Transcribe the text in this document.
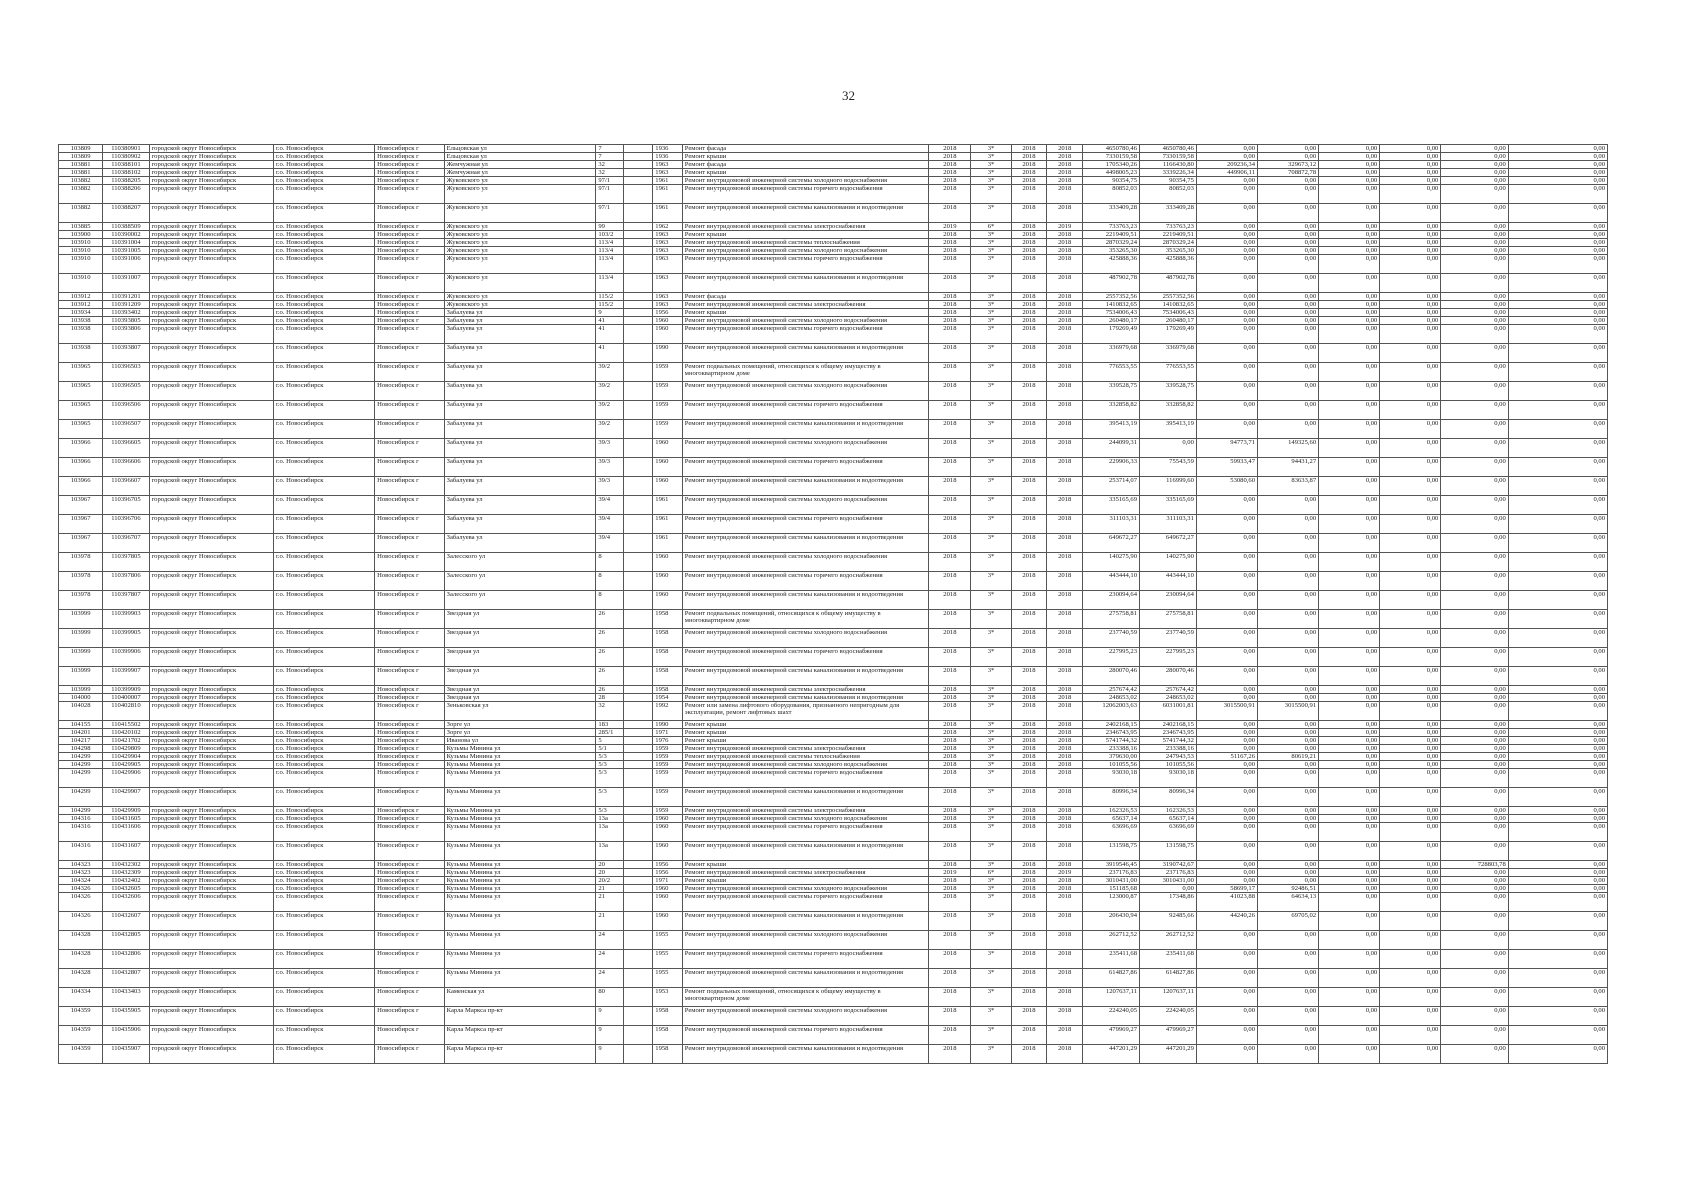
32
103809	110380901	городской округ Новосибирск	г.о. Новосибирск	Новосибирск г	Ельцовская ул	7		1936	Ремонт фасада	2018	3*	2018	2018	4650780,46	4650780,46	0,00	0,00	0,00	0,00	0,00	0,00
103809	110380902	городской округ Новосибирск	г.о. Новосибирск	Новосибирск г	Ельцовская ул	7		1936	Ремонт крыши	2018	3*	2018	2018	7330159,58	7330159,58	0,00	0,00	0,00	0,00	0,00	0,00
103881	110388101	городской округ Новосибирск	г.о. Новосибирск	Новосибирск г	Жемчужная ул	32		1963	Ремонт фасада	2018	3*	2018	2018	1705340,26	1166430,80	209236,34	329673,12	0,00	0,00	0,00	0,00
103881	110388102	городской округ Новосибирск	г.о. Новосибирск	Новосибирск г	Жемчужная ул	32		1963	Ремонт крыши	2018	3*	2018	2018	4498005,23	3339226,34	449906,11	708872,78	0,00	0,00	0,00	0,00
103882	110388205	городской округ Новосибирск	г.о. Новосибирск	Новосибирск г	Жуковского ул	97/1		1961	Ремонт внутридомовой инженерной системы холодного водоснабжения	2018	3*	2018	2018	90354,75	90354,75	0,00	0,00	0,00	0,00	0,00	0,00
103882	110388206	городской округ Новосибирск	г.о. Новосибирск	Новосибирск г	Жуковского ул	97/1		1961	Ремонт внутридомовой инженерной системы горячего водоснабжения	2018	3*	2018	2018	80852,03	80852,03	0,00	0,00	0,00	0,00	0,00	0,00
103882	110388207	городской округ Новосибирск	г.о. Новосибирск	Новосибирск г	Жуковского ул	97/1		1961	Ремонт внутридомовой инженерной системы канализования и водоотведения	2018	3*	2018	2018	333409,28	333409,28	0,00	0,00	0,00	0,00	0,00	0,00
103885	110388509	городской округ Новосибирск	г.о. Новосибирск	Новосибирск г	Жуковского ул	99		1962	Ремонт внутридомовой инженерной системы электроснабжения	2019	6*	2018	2019	733763,23	733763,23	0,00	0,00	0,00	0,00	0,00	0,00
103900	110390002	городской округ Новосибирск	г.о. Новосибирск	Новосибирск г	Жуковского ул	103/2		1963	Ремонт крыши	2018	3*	2018	2018	2219409,51	2219409,51	0,00	0,00	0,00	0,00	0,00	0,00
103910	110391004	городской округ Новосибирск	г.о. Новосибирск	Новосибирск г	Жуковского ул	113/4		1963	Ремонт внутридомовой инженерной системы теплоснабжения	2018	3*	2018	2018	2870329,24	2870329,24	0,00	0,00	0,00	0,00	0,00	0,00
103910	110391005	городской округ Новосибирск	г.о. Новосибирск	Новосибирск г	Жуковского ул	113/4		1963	Ремонт внутридомовой инженерной системы холодного водоснабжения	2018	3*	2018	2018	353265,30	353265,30	0,00	0,00	0,00	0,00	0,00	0,00
103910	110391006	городской округ Новосибирск	г.о. Новосибирск	Новосибирск г	Жуковского ул	113/4		1963	Ремонт внутридомовой инженерной системы горячего водоснабжения	2018	3*	2018	2018	425888,36	425888,36	0,00	0,00	0,00	0,00	0,00	0,00
103910	110391007	городской округ Новосибирск	г.о. Новосибирск	Новосибирск г	Жуковского ул	113/4		1963	Ремонт внутридомовой инженерной системы канализования и водоотведения	2018	3*	2018	2018	487902,78	487902,78	0,00	0,00	0,00	0,00	0,00	0,00
103912	110391201	городской округ Новосибирск	г.о. Новосибирск	Новосибирск г	Жуковского ул	115/2		1963	Ремонт фасада	2018	3*	2018	2018	2557352,56	2557352,56	0,00	0,00	0,00	0,00	0,00	0,00
103912	110391209	городской округ Новосибирск	г.о. Новосибирск	Новосибирск г	Жуковского ул	115/2		1963	Ремонт внутридомовой инженерной системы электроснабжения	2018	3*	2018	2018	1410832,65	1410832,65	0,00	0,00	0,00	0,00	0,00	0,00
103934	110393402	городской округ Новосибирск	г.о. Новосибирск	Новосибирск г	Забалуева ул	9		1956	Ремонт крыши	2018	3*	2018	2018	7534006,43	7534006,43	0,00	0,00	0,00	0,00	0,00	0,00
103938	110393805	городской округ Новосибирск	г.о. Новосибирск	Новосибирск г	Забалуева ул	41		1960	Ремонт внутридомовой инженерной системы холодного водоснабжения	2018	3*	2018	2018	260480,17	260480,17	0,00	0,00	0,00	0,00	0,00	0,00
103938	110393806	городской округ Новосибирск	г.о. Новосибирск	Новосибирск г	Забалуева ул	41		1960	Ремонт внутридомовой инженерной системы горячего водоснабжения	2018	3*	2018	2018	179269,49	179269,49	0,00	0,00	0,00	0,00	0,00	0,00
103938	110393807	городской округ Новосибирск	г.о. Новосибирск	Новосибирск г	Забалуева ул	41		1990	Ремонт внутридомовой инженерной системы канализования и водоотведения	2018	3*	2018	2018	336979,68	336979,68	0,00	0,00	0,00	0,00	0,00	0,00
103965	110396503	городской округ Новосибирск	г.о. Новосибирск	Новосибирск г	Забалуева ул	39/2		1959	Ремонт подвальных помещений, относящихся к общему имуществу в многоквартирном доме	2018	3*	2018	2018	776553,55	776553,55	0,00	0,00	0,00	0,00	0,00	0,00
103965	110396505	городской округ Новосибирск	г.о. Новосибирск	Новосибирск г	Забалуева ул	39/2		1959	Ремонт внутридомовой инженерной системы холодного водоснабжения	2018	3*	2018	2018	339528,75	339528,75	0,00	0,00	0,00	0,00	0,00	0,00
103965	110396506	городской округ Новосибирск	г.о. Новосибирск	Новосибирск г	Забалуева ул	39/2		1959	Ремонт внутридомовой инженерной системы горячего водоснабжения	2018	3*	2018	2018	332858,82	332858,82	0,00	0,00	0,00	0,00	0,00	0,00
103965	110396507	городской округ Новосибирск	г.о. Новосибирск	Новосибирск г	Забалуева ул	39/2		1959	Ремонт внутридомовой инженерной системы канализования и водоотведения	2018	3*	2018	2018	395413,19	395413,19	0,00	0,00	0,00	0,00	0,00	0,00
103966	110396605	городской округ Новосибирск	г.о. Новосибирск	Новосибирск г	Забалуева ул	39/3		1960	Ремонт внутридомовой инженерной системы холодного водоснабжения	2018	3*	2018	2018	244099,31	0,00	94773,71	149325,60	0,00	0,00	0,00	0,00
103966	110396606	городской округ Новосибирск	г.о. Новосибирск	Новосибирск г	Забалуева ул	39/3		1960	Ремонт внутридомовой инженерной системы горячего водоснабжения	2018	3*	2018	2018	229906,33	75543,59	59933,47	94431,27	0,00	0,00	0,00	0,00
103966	110396607	городской округ Новосибирск	г.о. Новосибирск	Новосибирск г	Забалуева ул	39/3		1960	Ремонт внутридомовой инженерной системы канализования и водоотведения	2018	3*	2018	2018	253714,07	116999,60	53080,60	83633,87	0,00	0,00	0,00	0,00
103967	110396705	городской округ Новосибирск	г.о. Новосибирск	Новосибирск г	Забалуева ул	39/4		1961	Ремонт внутридомовой инженерной системы холодного водоснабжения	2018	3*	2018	2018	335165,69	335165,69	0,00	0,00	0,00	0,00	0,00	0,00
103967	110396706	городской округ Новосибирск	г.о. Новосибирск	Новосибирск г	Забалуева ул	39/4		1961	Ремонт внутридомовой инженерной системы горячего водоснабжения	2018	3*	2018	2018	311103,31	311103,31	0,00	0,00	0,00	0,00	0,00	0,00
103967	110396707	городской округ Новосибирск	г.о. Новосибирск	Новосибирск г	Забалуева ул	39/4		1961	Ремонт внутридомовой инженерной системы канализования и водоотведения	2018	3*	2018	2018	649672,27	649672,27	0,00	0,00	0,00	0,00	0,00	0,00
103978	110397805	городской округ Новосибирск	г.о. Новосибирск	Новосибирск г	Залесского ул	8		1960	Ремонт внутридомовой инженерной системы холодного водоснабжения	2018	3*	2018	2018	140275,90	140275,90	0,00	0,00	0,00	0,00	0,00	0,00
103978	110397806	городской округ Новосибирск	г.о. Новосибирск	Новосибирск г	Залесского ул	8		1960	Ремонт внутридомовой инженерной системы горячего водоснабжения	2018	3*	2018	2018	443444,10	443444,10	0,00	0,00	0,00	0,00	0,00	0,00
103978	110397807	городской округ Новосибирск	г.о. Новосибирск	Новосибирск г	Залесского ул	8		1960	Ремонт внутридомовой инженерной системы канализования и водоотведения	2018	3*	2018	2018	230094,64	230094,64	0,00	0,00	0,00	0,00	0,00	0,00
103999	110399903	городской округ Новосибирск	г.о. Новосибирск	Новосибирск г	Звездная ул	26		1958	Ремонт подвальных помещений, относящихся к общему имуществу в многоквартирном доме	2018	3*	2018	2018	275758,81	275758,81	0,00	0,00	0,00	0,00	0,00	0,00
103999	110399905	городской округ Новосибирск	г.о. Новосибирск	Новосибирск г	Звездная ул	26		1958	Ремонт внутридомовой инженерной системы холодного водоснабжения	2018	3*	2018	2018	237740,59	237740,59	0,00	0,00	0,00	0,00	0,00	0,00
103999	110399906	городской округ Новосибирск	г.о. Новосибирск	Новосибирск г	Звездная ул	26		1958	Ремонт внутридомовой инженерной системы горячего водоснабжения	2018	3*	2018	2018	227995,23	227995,23	0,00	0,00	0,00	0,00	0,00	0,00
103999	110399907	городской округ Новосибирск	г.о. Новосибирск	Новосибирск г	Звездная ул	26		1958	Ремонт внутридомовой инженерной системы канализования и водоотведения	2018	3*	2018	2018	280070,46	280070,46	0,00	0,00	0,00	0,00	0,00	0,00
103999	110399909	городской округ Новосибирск	г.о. Новосибирск	Новосибирск г	Звездная ул	26		1958	Ремонт внутридомовой инженерной системы электроснабжения	2018	3*	2018	2018	257674,42	257674,42	0,00	0,00	0,00	0,00	0,00	0,00
104000	110400007	городской округ Новосибирск	г.о. Новосибирск	Новосибирск г	Звездная ул	28		1954	Ремонт внутридомовой инженерной системы канализования и водоотведения	2018	3*	2018	2018	248653,02	248653,02	0,00	0,00	0,00	0,00	0,00	0,00
104028	110402810	городской округ Новосибирск	г.о. Новосибирск	Новосибирск г	Зеньковская ул	32		1992	Ремонт или замена лифтового оборудования, признанного непригодным для эксплуатации, ремонт лифтовых шахт	2018	3*	2018	2018	12062003,63	6031001,81	3015500,91	3015500,91	0,00	0,00	0,00	0,00
104155	110415502	городской округ Новосибирск	г.о. Новосибирск	Новосибирск г	Зорге ул	183		1990	Ремонт крыши	2018	3*	2018	2018	2402168,15	2402168,15	0,00	0,00	0,00	0,00	0,00	0,00
104201	110420102	городской округ Новосибирск	г.о. Новосибирск	Новосибирск г	Зорге ул	285/1		1971	Ремонт крыши	2018	3*	2018	2018	2346743,95	2346743,95	0,00	0,00	0,00	0,00	0,00	0,00
104217	110421702	городской округ Новосибирск	г.о. Новосибирск	Новосибирск г	Иванова ул	5		1976	Ремонт крыши	2018	3*	2018	2018	5741744,32	5741744,32	0,00	0,00	0,00	0,00	0,00	0,00
104298	110429809	городской округ Новосибирск	г.о. Новосибирск	Новосибирск г	Кузьмы Минина ул	5/1		1959	Ремонт внутридомовой инженерной системы электроснабжения	2018	3*	2018	2018	233388,16	233388,16	0,00	0,00	0,00	0,00	0,00	0,00
104299	110429904	городской округ Новосибирск	г.о. Новосибирск	Новосибирск г	Кузьмы Минина ул	5/3		1959	Ремонт внутридомовой инженерной системы теплоснабжения	2018	3*	2018	2018	379630,00	247943,53	51167,26	80619,21	0,00	0,00	0,00	0,00
104299	110429905	городской округ Новосибирск	г.о. Новосибирск	Новосибирск г	Кузьмы Минина ул	5/3		1959	Ремонт внутридомовой инженерной системы холодного водоснабжения	2018	3*	2018	2018	101055,56	101055,56	0,00	0,00	0,00	0,00	0,00	0,00
104299	110429906	городской округ Новосибирск	г.о. Новосибирск	Новосибирск г	Кузьмы Минина ул	5/3		1959	Ремонт внутридомовой инженерной системы горячего водоснабжения	2018	3*	2018	2018	93030,18	93030,18	0,00	0,00	0,00	0,00	0,00	0,00
104299	110429907	городской округ Новосибирск	г.о. Новосибирск	Новосибирск г	Кузьмы Минина ул	5/3		1959	Ремонт внутридомовой инженерной системы канализования и водоотведения	2018	3*	2018	2018	80996,34	80996,34	0,00	0,00	0,00	0,00	0,00	0,00
104299	110429909	городской округ Новосибирск	г.о. Новосибирск	Новосибирск г	Кузьмы Минина ул	5/3		1959	Ремонт внутридомовой инженерной системы электроснабжения	2018	3*	2018	2018	162326,53	162326,53	0,00	0,00	0,00	0,00	0,00	0,00
104316	110431605	городской округ Новосибирск	г.о. Новосибирск	Новосибирск г	Кузьмы Минина ул	13а		1960	Ремонт внутридомовой инженерной системы холодного водоснабжения	2018	3*	2018	2018	65637,14	65637,14	0,00	0,00	0,00	0,00	0,00	0,00
104316	110431606	городской округ Новосибирск	г.о. Новосибирск	Новосибирск г	Кузьмы Минина ул	13а		1960	Ремонт внутридомовой инженерной системы горячего водоснабжения	2018	3*	2018	2018	63696,69	63696,69	0,00	0,00	0,00	0,00	0,00	0,00
104316	110431607	городской округ Новосибирск	г.о. Новосибирск	Новосибирск г	Кузьмы Минина ул	13а		1960	Ремонт внутридомовой инженерной системы канализования и водоотведения	2018	3*	2018	2018	131598,75	131598,75	0,00	0,00	0,00	0,00	0,00	0,00
104323	110432302	городской округ Новосибирск	г.о. Новосибирск	Новосибирск г	Кузьмы Минина ул	20		1956	Ремонт крыши	2018	3*	2018	2018	3919546,45	3190742,67	0,00	0,00	0,00	0,00	728803,78	0,00
104323	110432309	городской округ Новосибирск	г.о. Новосибирск	Новосибирск г	Кузьмы Минина ул	20		1956	Ремонт внутридомовой инженерной системы электроснабжения	2019	6*	2018	2019	237176,83	237176,83	0,00	0,00	0,00	0,00	0,00	0,00
104324	110432402	городской округ Новосибирск	г.о. Новосибирск	Новосибирск г	Кузьмы Минина ул	20/2		1971	Ремонт крыши	2018	3*	2018	2018	3010431,00	3010431,00	0,00	0,00	0,00	0,00	0,00	0,00
104326	110432605	городской округ Новосибирск	г.о. Новосибирск	Новосибирск г	Кузьмы Минина ул	21		1960	Ремонт внутридомовой инженерной системы холодного водоснабжения	2018	3*	2018	2018	151185,68	0,00	58699,17	92486,51	0,00	0,00	0,00	0,00
104326	110432606	городской округ Новосибирск	г.о. Новосибирск	Новосибирск г	Кузьмы Минина ул	21		1960	Ремонт внутридомовой инженерной системы горячего водоснабжения	2018	3*	2018	2018	123000,87	17348,86	41023,88	64634,13	0,00	0,00	0,00	0,00
104326	110432607	городской округ Новосибирск	г.о. Новосибирск	Новосибирск г	Кузьмы Минина ул	21		1960	Ремонт внутридомовой инженерной системы канализования и водоотведения	2018	3*	2018	2018	206430,94	92485,66	44240,26	69705,02	0,00	0,00	0,00	0,00
104328	110432805	городской округ Новосибирск	г.о. Новосибирск	Новосибирск г	Кузьмы Минина ул	24		1955	Ремонт внутридомовой инженерной системы холодного водоснабжения	2018	3*	2018	2018	262712,52	262712,52	0,00	0,00	0,00	0,00	0,00	0,00
104328	110432806	городской округ Новосибирск	г.о. Новосибирск	Новосибирск г	Кузьмы Минина ул	24		1955	Ремонт внутридомовой инженерной системы горячего водоснабжения	2018	3*	2018	2018	235411,68	235411,68	0,00	0,00	0,00	0,00	0,00	0,00
104328	110432807	городской округ Новосибирск	г.о. Новосибирск	Новосибирск г	Кузьмы Минина ул	24		1955	Ремонт внутридомовой инженерной системы канализования и водоотведения	2018	3*	2018	2018	614827,86	614827,86	0,00	0,00	0,00	0,00	0,00	0,00
104334	110433403	городской округ Новосибирск	г.о. Новосибирск	Новосибирск г	Каменская ул	80		1953	Ремонт подвальных помещений, относящихся к общему имуществу в многоквартирном доме	2018	3*	2018	2018	1207637,11	1207637,11	0,00	0,00	0,00	0,00	0,00	0,00
104359	110435905	городской округ Новосибирск	г.о. Новосибирск	Новосибирск г	Карла Маркса пр-кт	9		1958	Ремонт внутридомовой инженерной системы холодного водоснабжения	2018	3*	2018	2018	224240,05	224240,05	0,00	0,00	0,00	0,00	0,00	0,00
104359	110435906	городской округ Новосибирск	г.о. Новосибирск	Новосибирск г	Карла Маркса пр-кт	9		1958	Ремонт внутридомовой инженерной системы горячего водоснабжения	2018	3*	2018	2018	479969,27	479969,27	0,00	0,00	0,00	0,00	0,00	0,00
104359	110435907	городской округ Новосибирск	г.о. Новосибирск	Новосибирск г	Карла Маркса пр-кт	9		1958	Ремонт внутридомовой инженерной системы канализования и водоотведения	2018	3*	2018	2018	447201,29	447201,29	0,00	0,00	0,00	0,00	0,00	0,00
